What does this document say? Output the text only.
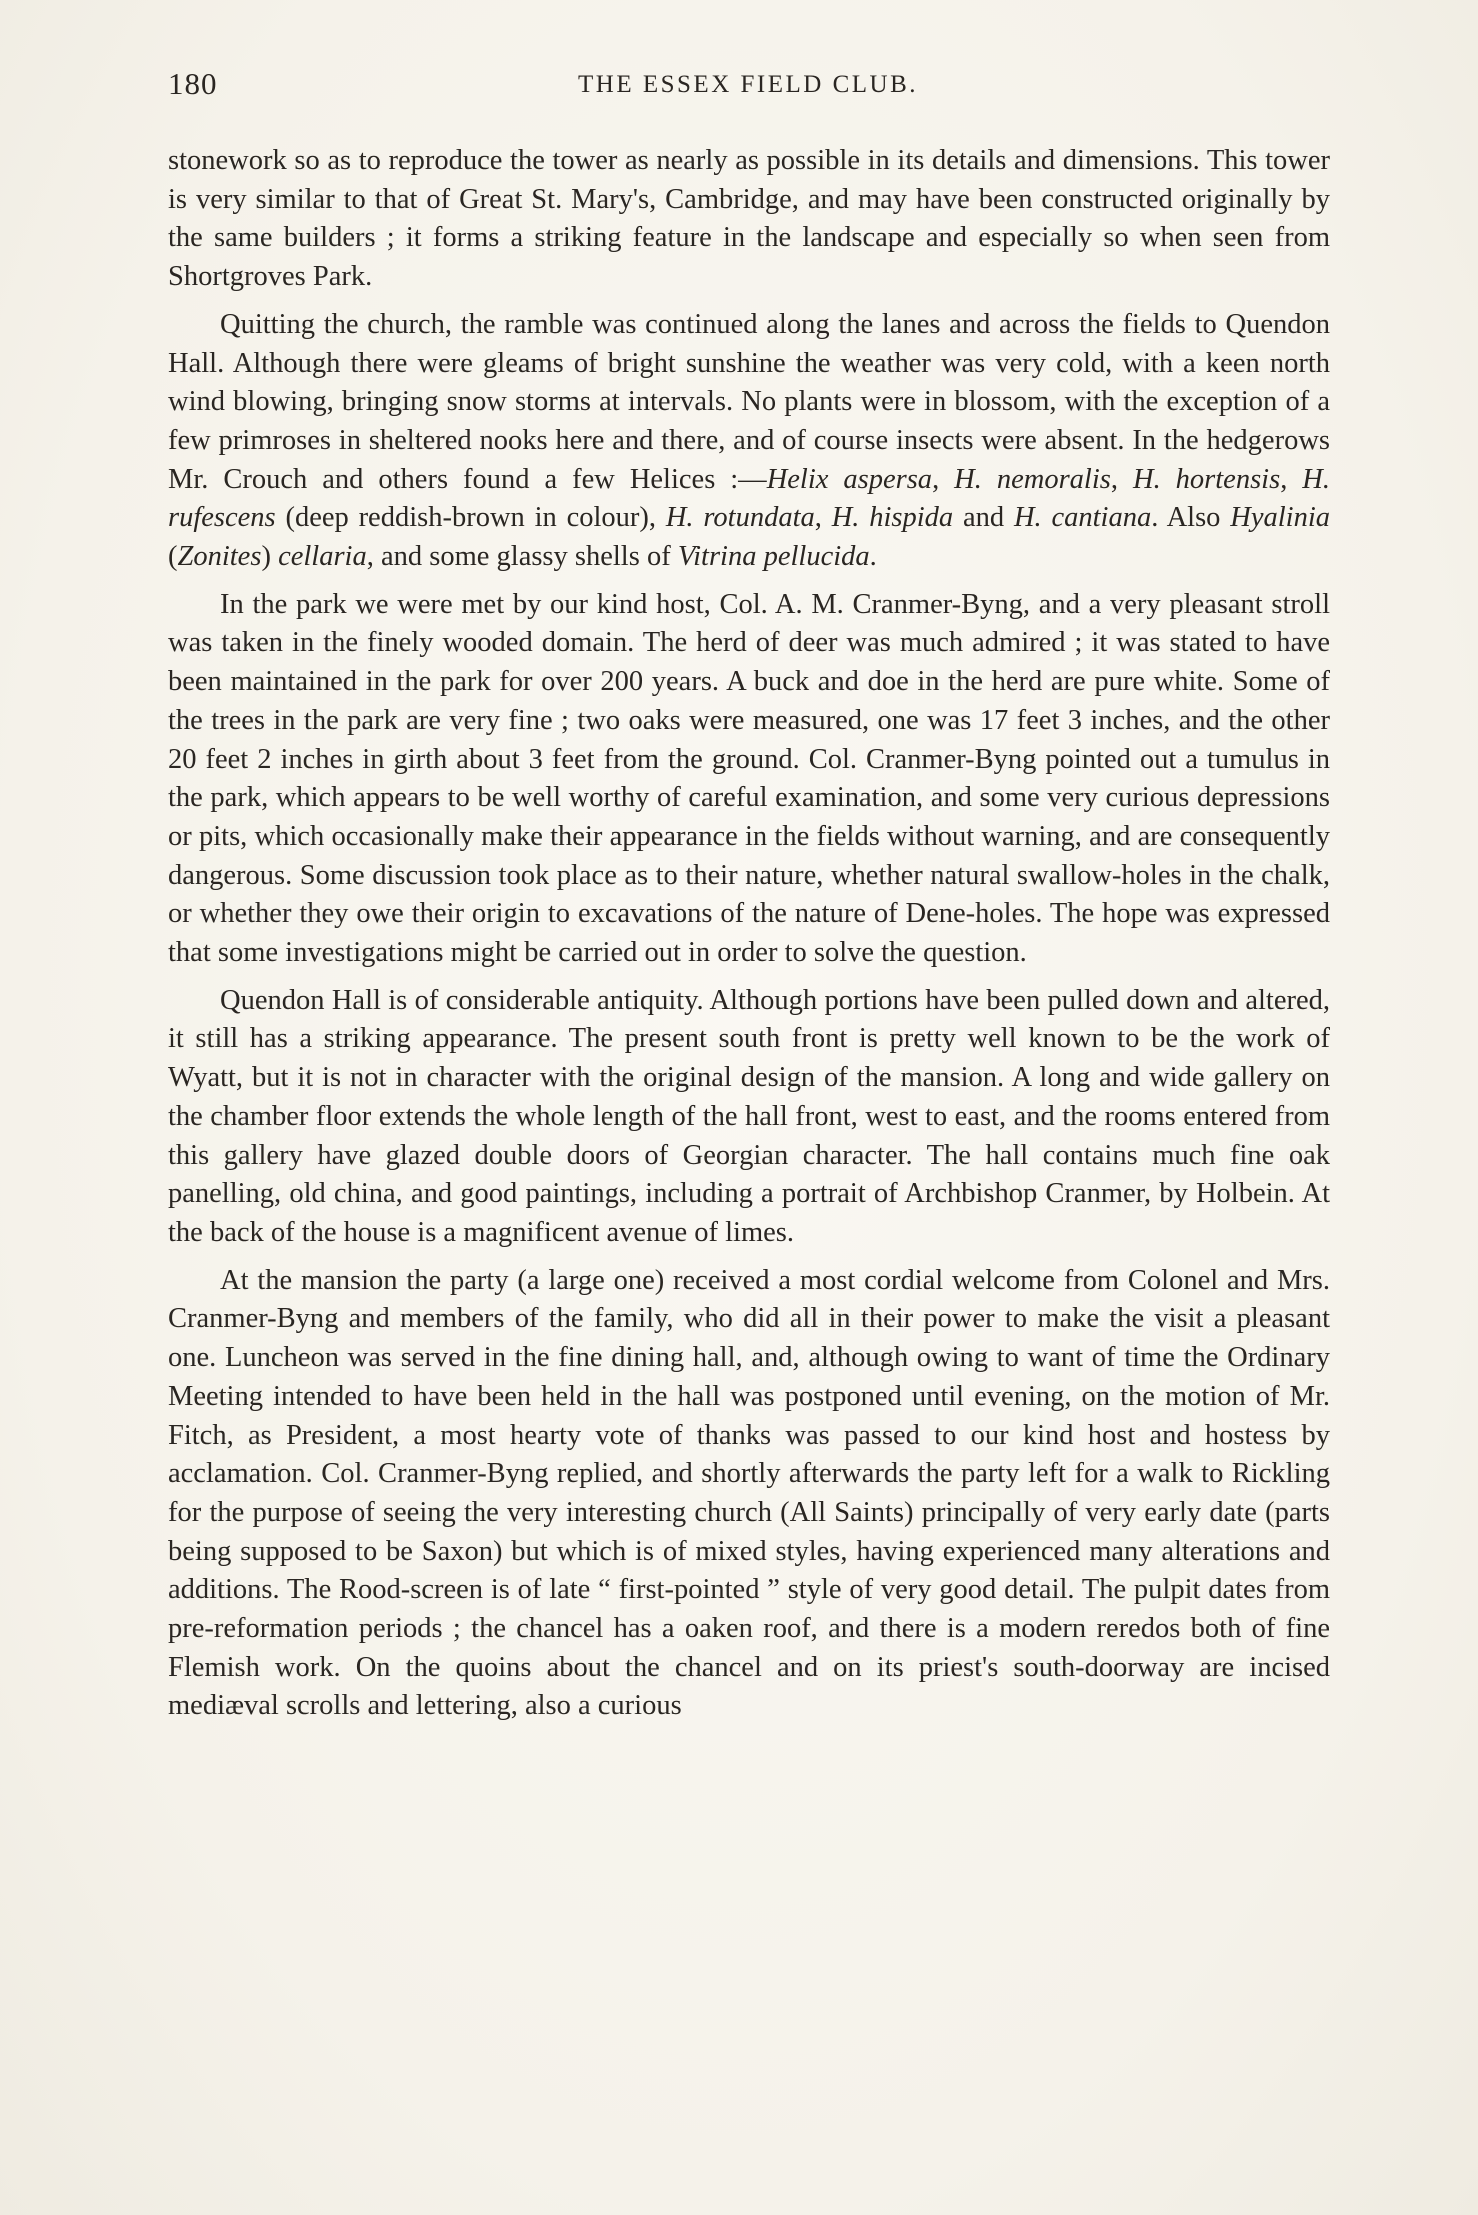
180	THE ESSEX FIELD CLUB.

stonework so as to reproduce the tower as nearly as possible in its details and dimensions. This tower is very similar to that of Great St. Mary's, Cambridge, and may have been constructed originally by the same builders ; it forms a striking feature in the landscape and especially so when seen from Shortgroves Park.

Quitting the church, the ramble was continued along the lanes and across the fields to Quendon Hall. Although there were gleams of bright sunshine the weather was very cold, with a keen north wind blowing, bringing snow storms at intervals. No plants were in blossom, with the exception of a few primroses in sheltered nooks here and there, and of course insects were absent. In the hedgerows Mr. Crouch and others found a few Helices :—Helix aspersa, H. nemoralis, H. hortensis, H. rufescens (deep reddish-brown in colour), H. rotundata, H. hispida and H. cantiana. Also Hyalinia (Zonites) cellaria, and some glassy shells of Vitrina pellucida.

In the park we were met by our kind host, Col. A. M. Cranmer-Byng, and a very pleasant stroll was taken in the finely wooded domain. The herd of deer was much admired ; it was stated to have been maintained in the park for over 200 years. A buck and doe in the herd are pure white. Some of the trees in the park are very fine ; two oaks were measured, one was 17 feet 3 inches, and the other 20 feet 2 inches in girth about 3 feet from the ground. Col. Cranmer-Byng pointed out a tumulus in the park, which appears to be well worthy of careful examination, and some very curious depressions or pits, which occasionally make their appearance in the fields without warning, and are consequently dangerous. Some discussion took place as to their nature, whether natural swallow-holes in the chalk, or whether they owe their origin to excavations of the nature of Dene-holes. The hope was expressed that some investigations might be carried out in order to solve the question.

Quendon Hall is of considerable antiquity. Although portions have been pulled down and altered, it still has a striking appearance. The present south front is pretty well known to be the work of Wyatt, but it is not in character with the original design of the mansion. A long and wide gallery on the chamber floor extends the whole length of the hall front, west to east, and the rooms entered from this gallery have glazed double doors of Georgian character. The hall contains much fine oak panelling, old china, and good paintings, including a portrait of Archbishop Cranmer, by Holbein. At the back of the house is a magnificent avenue of limes.

At the mansion the party (a large one) received a most cordial welcome from Colonel and Mrs. Cranmer-Byng and members of the family, who did all in their power to make the visit a pleasant one. Luncheon was served in the fine dining hall, and, although owing to want of time the Ordinary Meeting intended to have been held in the hall was postponed until evening, on the motion of Mr. Fitch, as President, a most hearty vote of thanks was passed to our kind host and hostess by acclamation. Col. Cranmer-Byng replied, and shortly afterwards the party left for a walk to Rickling for the purpose of seeing the very interesting church (All Saints) principally of very early date (parts being supposed to be Saxon) but which is of mixed styles, having experienced many alterations and additions. The Rood-screen is of late “ first-pointed ” style of very good detail. The pulpit dates from pre-reformation periods ; the chancel has a oaken roof, and there is a modern reredos both of fine Flemish work. On the quoins about the chancel and on its priest's south-doorway are incised mediæval scrolls and lettering, also a curious
